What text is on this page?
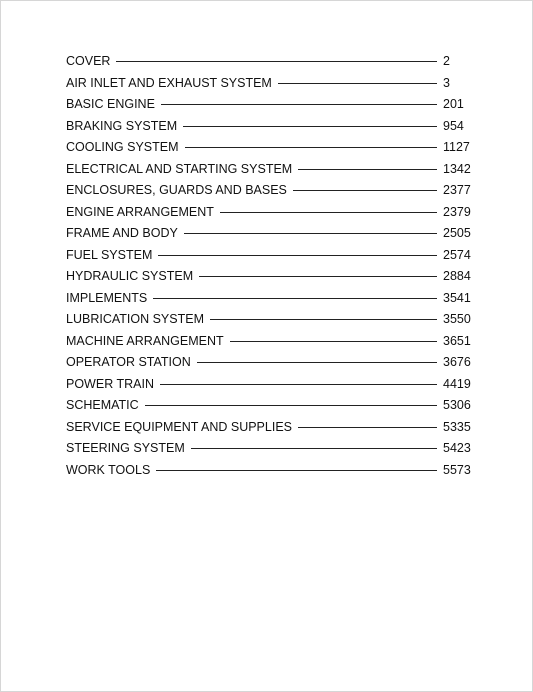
COVER	2
AIR INLET AND EXHAUST SYSTEM	3
BASIC ENGINE	201
BRAKING SYSTEM	954
COOLING SYSTEM	1127
ELECTRICAL AND STARTING SYSTEM	1342
ENCLOSURES, GUARDS AND BASES	2377
ENGINE ARRANGEMENT	2379
FRAME AND BODY	2505
FUEL SYSTEM	2574
HYDRAULIC SYSTEM	2884
IMPLEMENTS	3541
LUBRICATION SYSTEM	3550
MACHINE ARRANGEMENT	3651
OPERATOR STATION	3676
POWER TRAIN	4419
SCHEMATIC	5306
SERVICE EQUIPMENT AND SUPPLIES	5335
STEERING SYSTEM	5423
WORK TOOLS	5573
